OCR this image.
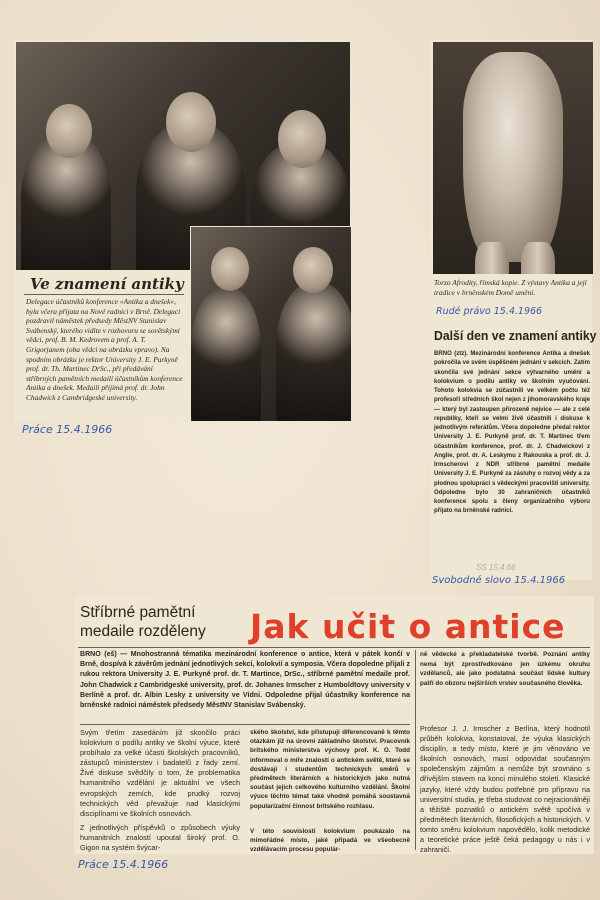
Ve znamení antiky

Delegace účastníků konference »Antika a dnešek«, byla včera přijata na Nové radnici v Brně. Delegaci pozdravil náměstek předsedy MěstNV Stanislav Svábenský, kterého vidíte v rozhovoru se sovětskými vědci, prof. B. M. Kedrovem a prof. A. T. Grigorjanem (oba vědci na obrázku vpravo). Na spodním obrázku je rektor University J. E. Purkyně prof. dr. Th. Martinec DrSc., při předávání stříbrných pamětních medailí účastníkům konference Antika a dnešek. Medaili přijímá prof. dr. John Chadwick z Cambridgeské university.

Práce 15.4.1966

Torzo Afrodity, římská kopie. Z výstavy Antika a její tradice v brněnském Domě umění.

Rudé právo 15.4.1966
Další den ve znamení antiky

BRNO (ztz). Mezinárodní konference Antika a dnešek pokročila ve svém úspěšném jednání v sekcích. Zatím skončila své jednání sekce výtvarného umění a kolokvium o podílu antiky ve školním vyučování. Tohoto kolokvia se zúčastnili ve velkém počtu též profesoři středních škol nejen z jihomoravského kraje — který byl zastoupen přirozeně nejvíce — ale z celé republiky, kteří se velmi živě účastnili i diskuse k jednotlivým referátům. Včera dopoledne předal rektor University J. E. Purkyně prof. dr. T. Martinec třem účastníkům konference, prof. dr. J. Chadwickovi z Anglie, prof. dr. A. Leskymu z Rakouska a prof. dr. J. Irmscherovi z NDR stříbrné pamětní medaile University J. E. Purkyně za zásluhy o rozvoj vědy a za plodnou spolupráci s vědeckými pracovišti university. Odpoledne bylo 30 zahraničních účastníků konference spolu s členy organizačního výboru přijato na brněnské radnici.

SS 15.4.66
Svobodné slovo 15.4.1966
Stříbrné pamětní
medaile rozděleny Jak učit o antice

BRNO (eš) — Mnohostranná tématika mezinárodní konference o antice, která v pátek končí v Brně, dospívá k závěrům jednání jednotlivých sekcí, kolokvií a symposia. Včera dopoledne přijali z rukou rektora University J. E. Purkyně prof. dr. T. Martince, DrSc., stříbrné pamětní medaile prof. John Chadwick z Cambridgeské university, prof. dr. Johanes Irmscher z Humboldtovy university v Berlíně a prof. dr. Albin Lesky z university ve Vídni. Odpoledne přijal účastníky konference na brněnské radnici náměstek předsedy MěstNV Stanislav Svábenský.

Svým třetím zasedáním již skončilo práci kolokvium o podílu antiky ve školní výuce, které probíhalo za velké účasti školských pracovníků, zástupců ministerstev i badatelů z řady zemí. Živé diskuse svědčily o tom, že problematika humanitního vzdělání je aktuální ve všech evropských zemích, kde prudký rozvoj technických věd převažuje nad klasickými disciplínami ve školních osnovách.

Z jednotlivých příspěvků o způsobech výuky humanitních znalostí upoutal široký prof. O. Gigon na systém švýcar-

ského školství, kde přistupují diferencovaně k těmto otázkám již na úrovni základního školství. Pracovník britského ministerstva výchovy prof. K. O. Todd informoval o míře znalostí o antickém světě, které se dostávají i studentům technických směrů v předmětech literárních a historických jako nutná součást jejich celkového kulturního vzdělání. Školní výuce těchto témat také vhodně pomáhá soustavná popularizační činnost britského rozhlasu.

V této souvislosti kolokvium poukázalo na mimořádné místo, jaké připadá ve všeobecně vzdělávacím procesu populár-

ně vědecké a překladatelské tvorbě. Poznání antiky nemá být zprostředkováno jen úzkému okruhu vzdělanců, ale jako podstatná součást lidské kultury patří do obzoru nejširších vrstev současného člověka.

Profesor J. J. Irmscher z Berlína, který hodnotil průběh kolokvia, konstatoval, že výuka klasických disciplín, a tedy místo, které je jim věnováno ve školních osnovách, musí odpovídat současným společenským zájmům a nemůže být srovnáno s dřívějším stavem na konci minulého století. Klasické jazyky, které vždy budou potřebné pro přípravu na universitní studia, je třeba studovat co nejracionálněji a těžiště poznatků o antickém světě spočívá v předmětech literárních, filosofických a historických. V tomto směru kolokvium napovědělo, kolik metodické a teoretické práce ještě čeká pedagogy u nás i v zahraničí.

Práce 15.4.1966
